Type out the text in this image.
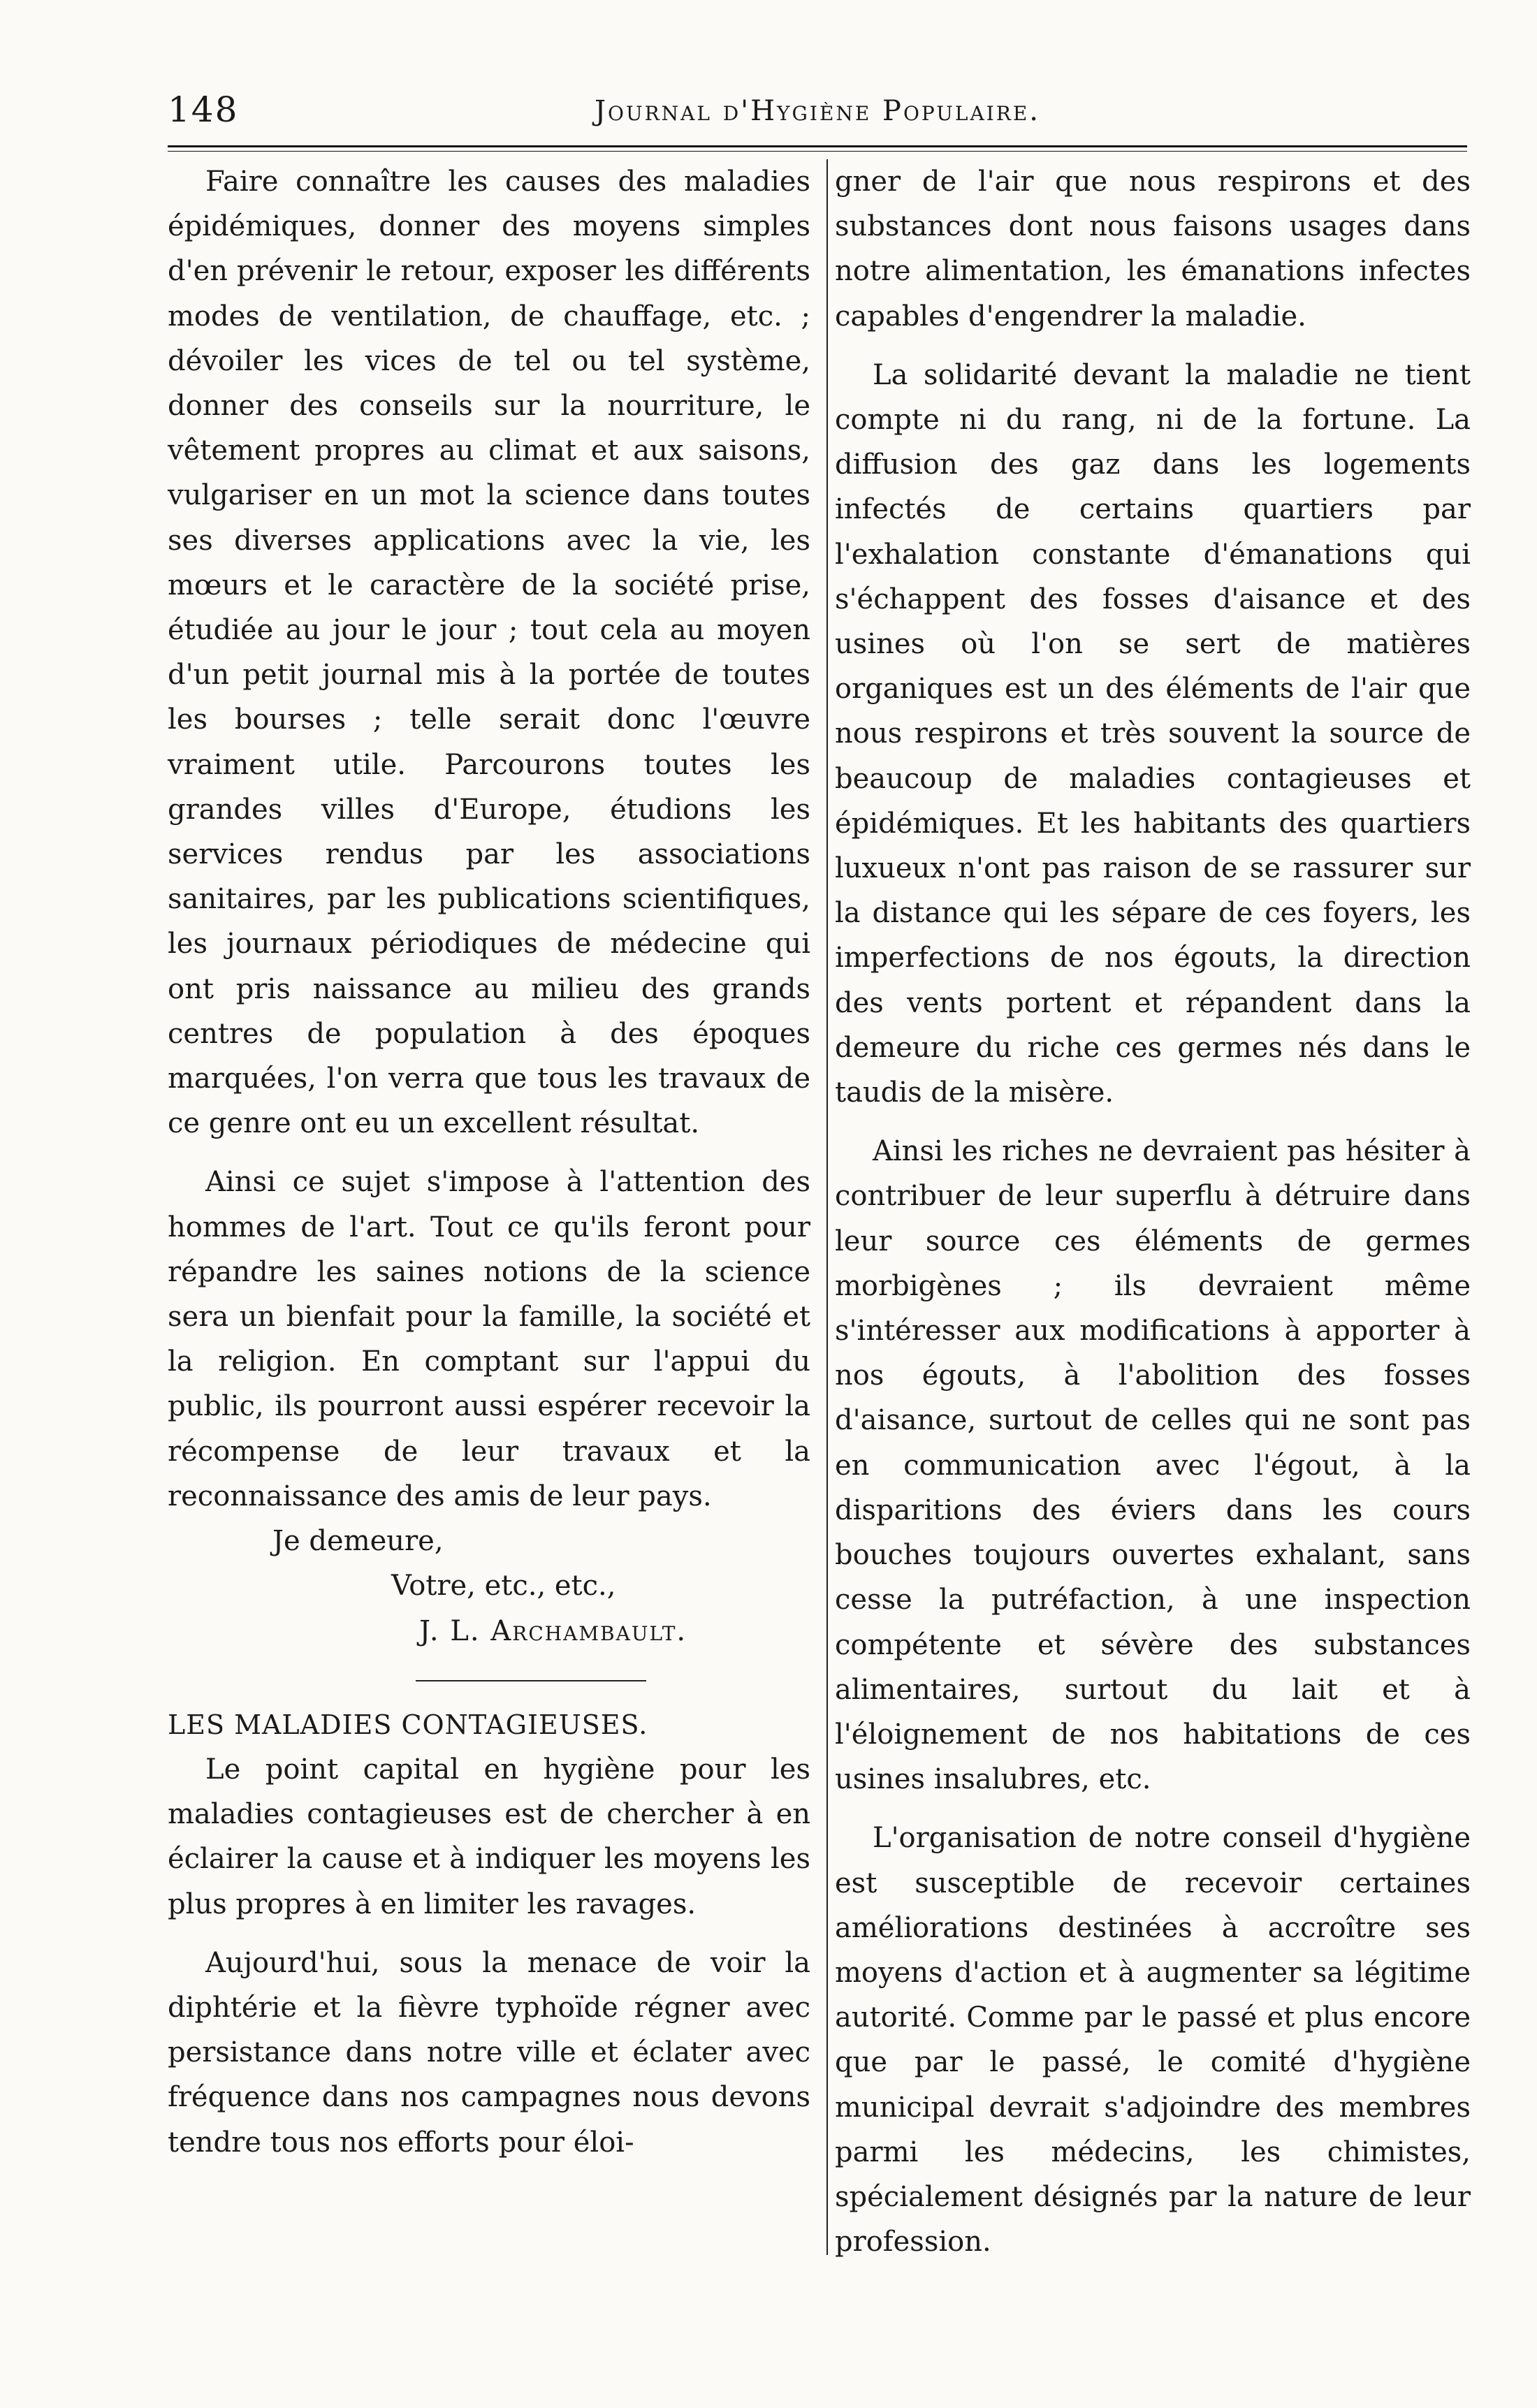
148	Journal d'Hygiène Populaire.

Faire connaître les causes des maladies épidémiques, donner des moyens simples d'en prévenir le retour, exposer les différents modes de ventilation, de chauffage, etc. ; dévoiler les vices de tel ou tel système, donner des conseils sur la nourriture, le vêtement propres au climat et aux saisons, vulgariser en un mot la science dans toutes ses diverses applications avec la vie, les mœurs et le caractère de la société prise, étudiée au jour le jour ; tout cela au moyen d'un petit journal mis à la portée de toutes les bourses ; telle serait donc l'œuvre vraiment utile. Parcourons toutes les grandes villes d'Europe, étudions les services rendus par les associations sanitaires, par les publications scientifiques, les journaux périodiques de médecine qui ont pris naissance au milieu des grands centres de population à des époques marquées, l'on verra que tous les travaux de ce genre ont eu un excellent résultat.

Ainsi ce sujet s'impose à l'attention des hommes de l'art. Tout ce qu'ils feront pour répandre les saines notions de la science sera un bienfait pour la famille, la société et la religion. En comptant sur l'appui du public, ils pourront aussi espérer recevoir la récompense de leur travaux et la reconnaissance des amis de leur pays.

Je demeure,

Votre, etc., etc.,

J. L. Archambault.

LES MALADIES CONTAGIEUSES.

Le point capital en hygiène pour les maladies contagieuses est de chercher à en éclairer la cause et à indiquer les moyens les plus propres à en limiter les ravages.

Aujourd'hui, sous la menace de voir la diphtérie et la fièvre typhoïde régner avec persistance dans notre ville et éclater avec fréquence dans nos campagnes nous devons tendre tous nos efforts pour éloi-

gner de l'air que nous respirons et des substances dont nous faisons usages dans notre alimentation, les émanations infectes capables d'engendrer la maladie.

La solidarité devant la maladie ne tient compte ni du rang, ni de la fortune. La diffusion des gaz dans les logements infectés de certains quartiers par l'exhalation constante d'émanations qui s'échappent des fosses d'aisance et des usines où l'on se sert de matières organiques est un des éléments de l'air que nous respirons et très souvent la source de beaucoup de maladies contagieuses et épidémiques. Et les habitants des quartiers luxueux n'ont pas raison de se rassurer sur la distance qui les sépare de ces foyers, les imperfections de nos égouts, la direction des vents portent et répandent dans la demeure du riche ces germes nés dans le taudis de la misère.

Ainsi les riches ne devraient pas hésiter à contribuer de leur superflu à détruire dans leur source ces éléments de germes morbigènes ; ils devraient même s'intéresser aux modifications à apporter à nos égouts, à l'abolition des fosses d'aisance, surtout de celles qui ne sont pas en communication avec l'égout, à la disparitions des éviers dans les cours bouches toujours ouvertes exhalant, sans cesse la putréfaction, à une inspection compétente et sévère des substances alimentaires, surtout du lait et à l'éloignement de nos habitations de ces usines insalubres, etc.

L'organisation de notre conseil d'hygiène est susceptible de recevoir certaines améliorations destinées à accroître ses moyens d'action et à augmenter sa légitime autorité. Comme par le passé et plus encore que par le passé, le comité d'hygiène municipal devrait s'adjoindre des membres parmi les médecins, les chimistes, spécialement désignés par la nature de leur profession.
